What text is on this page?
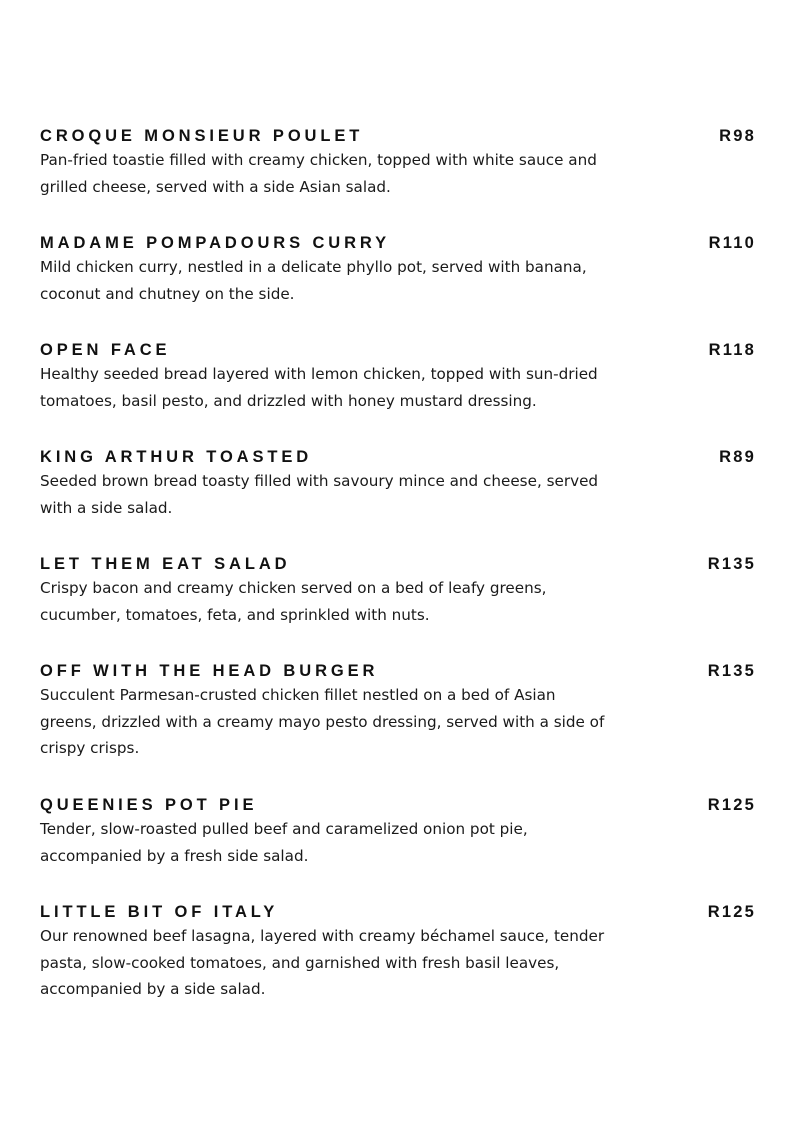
CROQUE MONSIEUR POULET	R98

Pan-fried toastie filled with creamy chicken, topped with white sauce and grilled cheese, served with a side Asian salad.

MADAME POMPADOURS CURRY	R110

Mild chicken curry, nestled in a delicate phyllo pot, served with banana, coconut and chutney on the side.

OPEN FACE	R118

Healthy seeded bread layered with lemon chicken, topped with sun-dried tomatoes, basil pesto, and drizzled with honey mustard dressing.

KING ARTHUR TOASTED	R89

Seeded brown bread toasty filled with savoury mince and cheese, served with a side salad.

LET THEM EAT SALAD	R135

Crispy bacon and creamy chicken served on a bed of leafy greens, cucumber, tomatoes, feta, and sprinkled with nuts.

OFF WITH THE HEAD BURGER	R135

Succulent Parmesan-crusted chicken fillet nestled on a bed of Asian greens, drizzled with a creamy mayo pesto dressing, served with a side of crispy crisps.

QUEENIES POT PIE	R125

Tender, slow-roasted pulled beef and caramelized onion pot pie, accompanied by a fresh side salad.

LITTLE BIT OF ITALY	R125

Our renowned beef lasagna, layered with creamy béchamel sauce, tender pasta, slow-cooked tomatoes, and garnished with fresh basil leaves, accompanied by a side salad.
